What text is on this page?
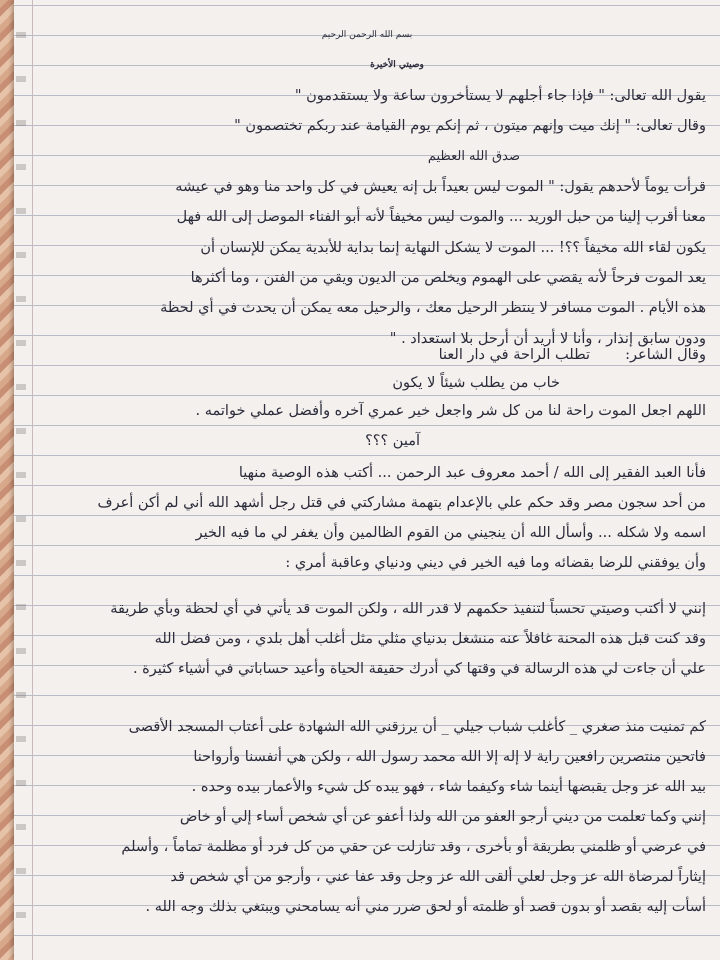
بسم الله الرحمن الرحيم
وصيتي الأخيرة
يقول الله تعالى: " فإذا جاء أجلهم لا يستأخرون ساعة ولا يستقدمون "
وقال تعالى: " إنك ميت وإنهم ميتون ، ثم إنكم يوم القيامة عند ربكم تختصمون "
صدق الله العظيم
قرأت يوماً لأحدهم يقول: " الموت ليس بعيداً بل إنه يعيش في كل واحد منا وهو في عيشه
معنا أقرب إلينا من حبل الوريد ... والموت ليس مخيفاً لأنه أبو الفناء الموصل إلى الله فهل
يكون لقاء الله مخيفاً ؟؟! ... الموت لا يشكل النهاية إنما بداية للأبدية يمكن للإنسان أن
يعد الموت فرحاً لأنه يقضي على الهموم ويخلص من الديون ويقي من الفتن ، وما أكثرها
هذه الأيام . الموت مسافر لا ينتظر الرحيل معك ، والرحيل معه يمكن أن يحدث في أي لحظة
ودون سابق إنذار ، وأنا لا أريد أن أرحل بلا استعداد . "
وقال الشاعر:
تطلب الراحة في دار العنا
خاب من يطلب شيئاً لا يكون
اللهم اجعل الموت راحة لنا من كل شر واجعل خير عمري آخره وأفضل عملي خواتمه .
آمين ؟؟؟
فأنا العبد الفقير إلى الله / أحمد معروف عبد الرحمن ... أكتب هذه الوصية منهيا
من أحد سجون مصر وقد حكم علي بالإعدام بتهمة مشاركتي في قتل رجل أشهد الله أني لم أكن أعرف
اسمه ولا شكله ... وأسأل الله أن ينجيني من القوم الظالمين وأن يغفر لي ما فيه الخير
وأن يوفقني للرضا بقضائه وما فيه الخير في ديني ودنياي وعاقبة أمري :
إنني لا أكتب وصيتي تحسباً لتنفيذ حكمهم لا قدر الله ، ولكن الموت قد يأتي في أي لحظة وبأي طريقة
وقد كنت قبل هذه المحنة غافلاً عنه منشغل بدنياي مثلي مثل أغلب أهل بلدي ، ومن فضل الله
علي أن جاءت لي هذه الرسالة في وقتها كي أدرك حقيقة الحياة وأعيد حساباتي في أشياء كثيرة .
كم تمنيت منذ صغري _ كأغلب شباب جيلي _ أن يرزقني الله الشهادة على أعتاب المسجد الأقصى
فاتحين منتصرين رافعين راية لا إله إلا الله محمد رسول الله ، ولكن هي أنفسنا وأرواحنا
بيد الله عز وجل يقبضها أينما شاء وكيفما شاء ، فهو يبده كل شيء والأعمار بيده وحده .
إنني وكما تعلمت من ديني أرجو العفو من الله ولذا أعفو عن أي شخص أساء إلي أو خاض
في عرضي أو ظلمني بطريقة أو بأخرى ، وقد تنازلت عن حقي من كل فرد أو مظلمة تماماً ، وأسلم
إيثاراً لمرضاة الله عز وجل لعلي ألقى الله عز وجل وقد عفا عني ، وأرجو من أي شخص قد
أسأت إليه بقصد أو بدون قصد أو ظلمته أو لحق ضرر مني أنه يسامحني ويبتغي بذلك وجه الله .
